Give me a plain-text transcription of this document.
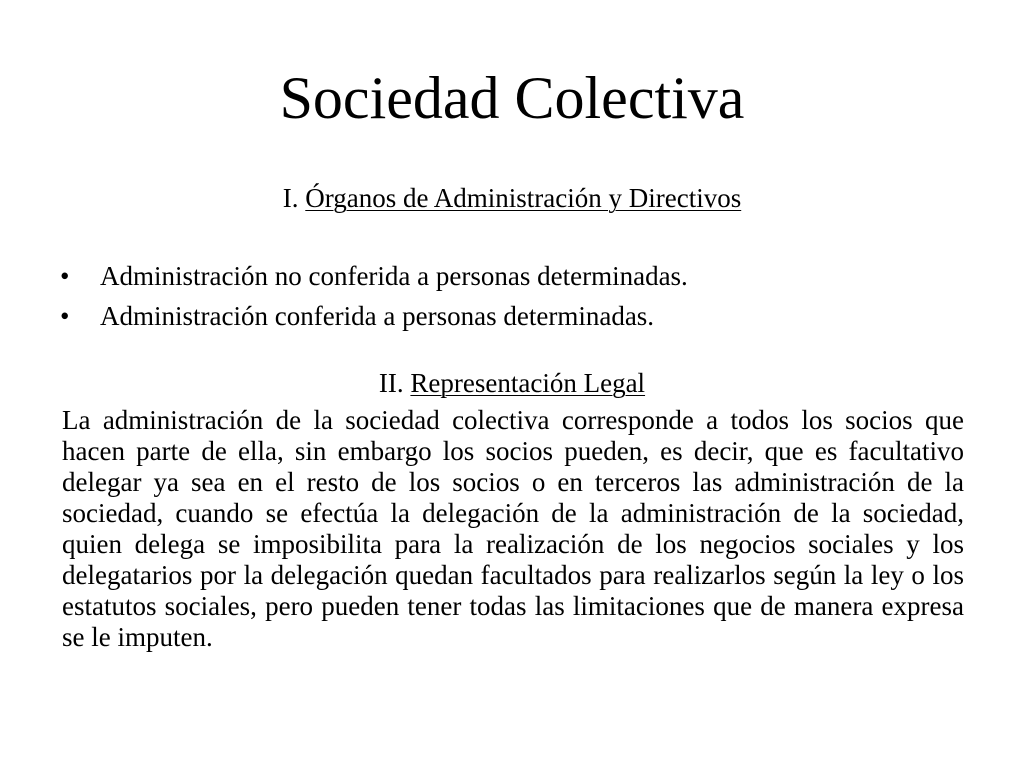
Sociedad Colectiva

I. Órganos de Administración y Directivos

• Administración no conferida a personas determinadas.
• Administración conferida a personas determinadas.

II. Representación Legal

La administración de la sociedad colectiva corresponde a todos los socios que hacen parte de ella, sin embargo los socios pueden, es decir, que es facultativo delegar ya sea en el resto de los socios o en terceros las administración de la sociedad, cuando se efectúa la delegación de la administración de la sociedad, quien delega se imposibilita para la realización de los negocios sociales y los delegatarios por la delegación quedan facultados para realizarlos según la ley o los estatutos sociales, pero pueden tener todas las limitaciones que de manera expresa se le imputen.
